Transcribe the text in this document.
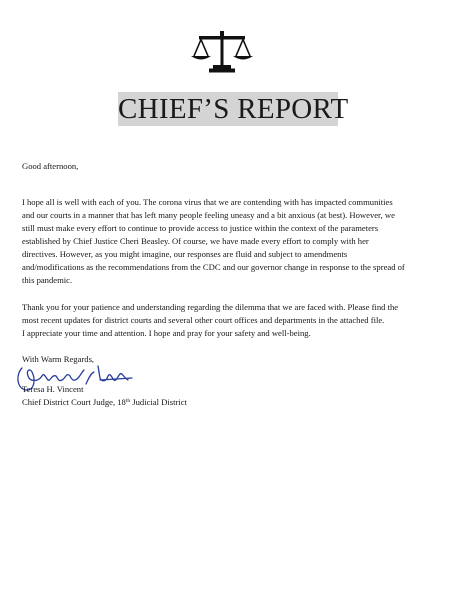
CHIEF’S REPORT
Good afternoon,
I hope all is well with each of you. The corona virus that we are contending with has impacted communities
and our courts in a manner that has left many people feeling uneasy and a bit anxious (at best). However, we
still must make every effort to continue to provide access to justice within the context of the parameters
established by Chief Justice Cheri Beasley. Of course, we have made every effort to comply with her
directives. However, as you might imagine, our responses are fluid and subject to amendments
and/modifications as the recommendations from the CDC and our governor change in response to the spread of
this pandemic.
Thank you for your patience and understanding regarding the dilemma that we are faced with. Please find the
most recent updates for district courts and several other court offices and departments in the attached file.
I appreciate your time and attention. I hope and pray for your safety and well-being.
With Warm Regards,
Teresa H. Vincent
Chief District Court Judge, 18th Judicial District
